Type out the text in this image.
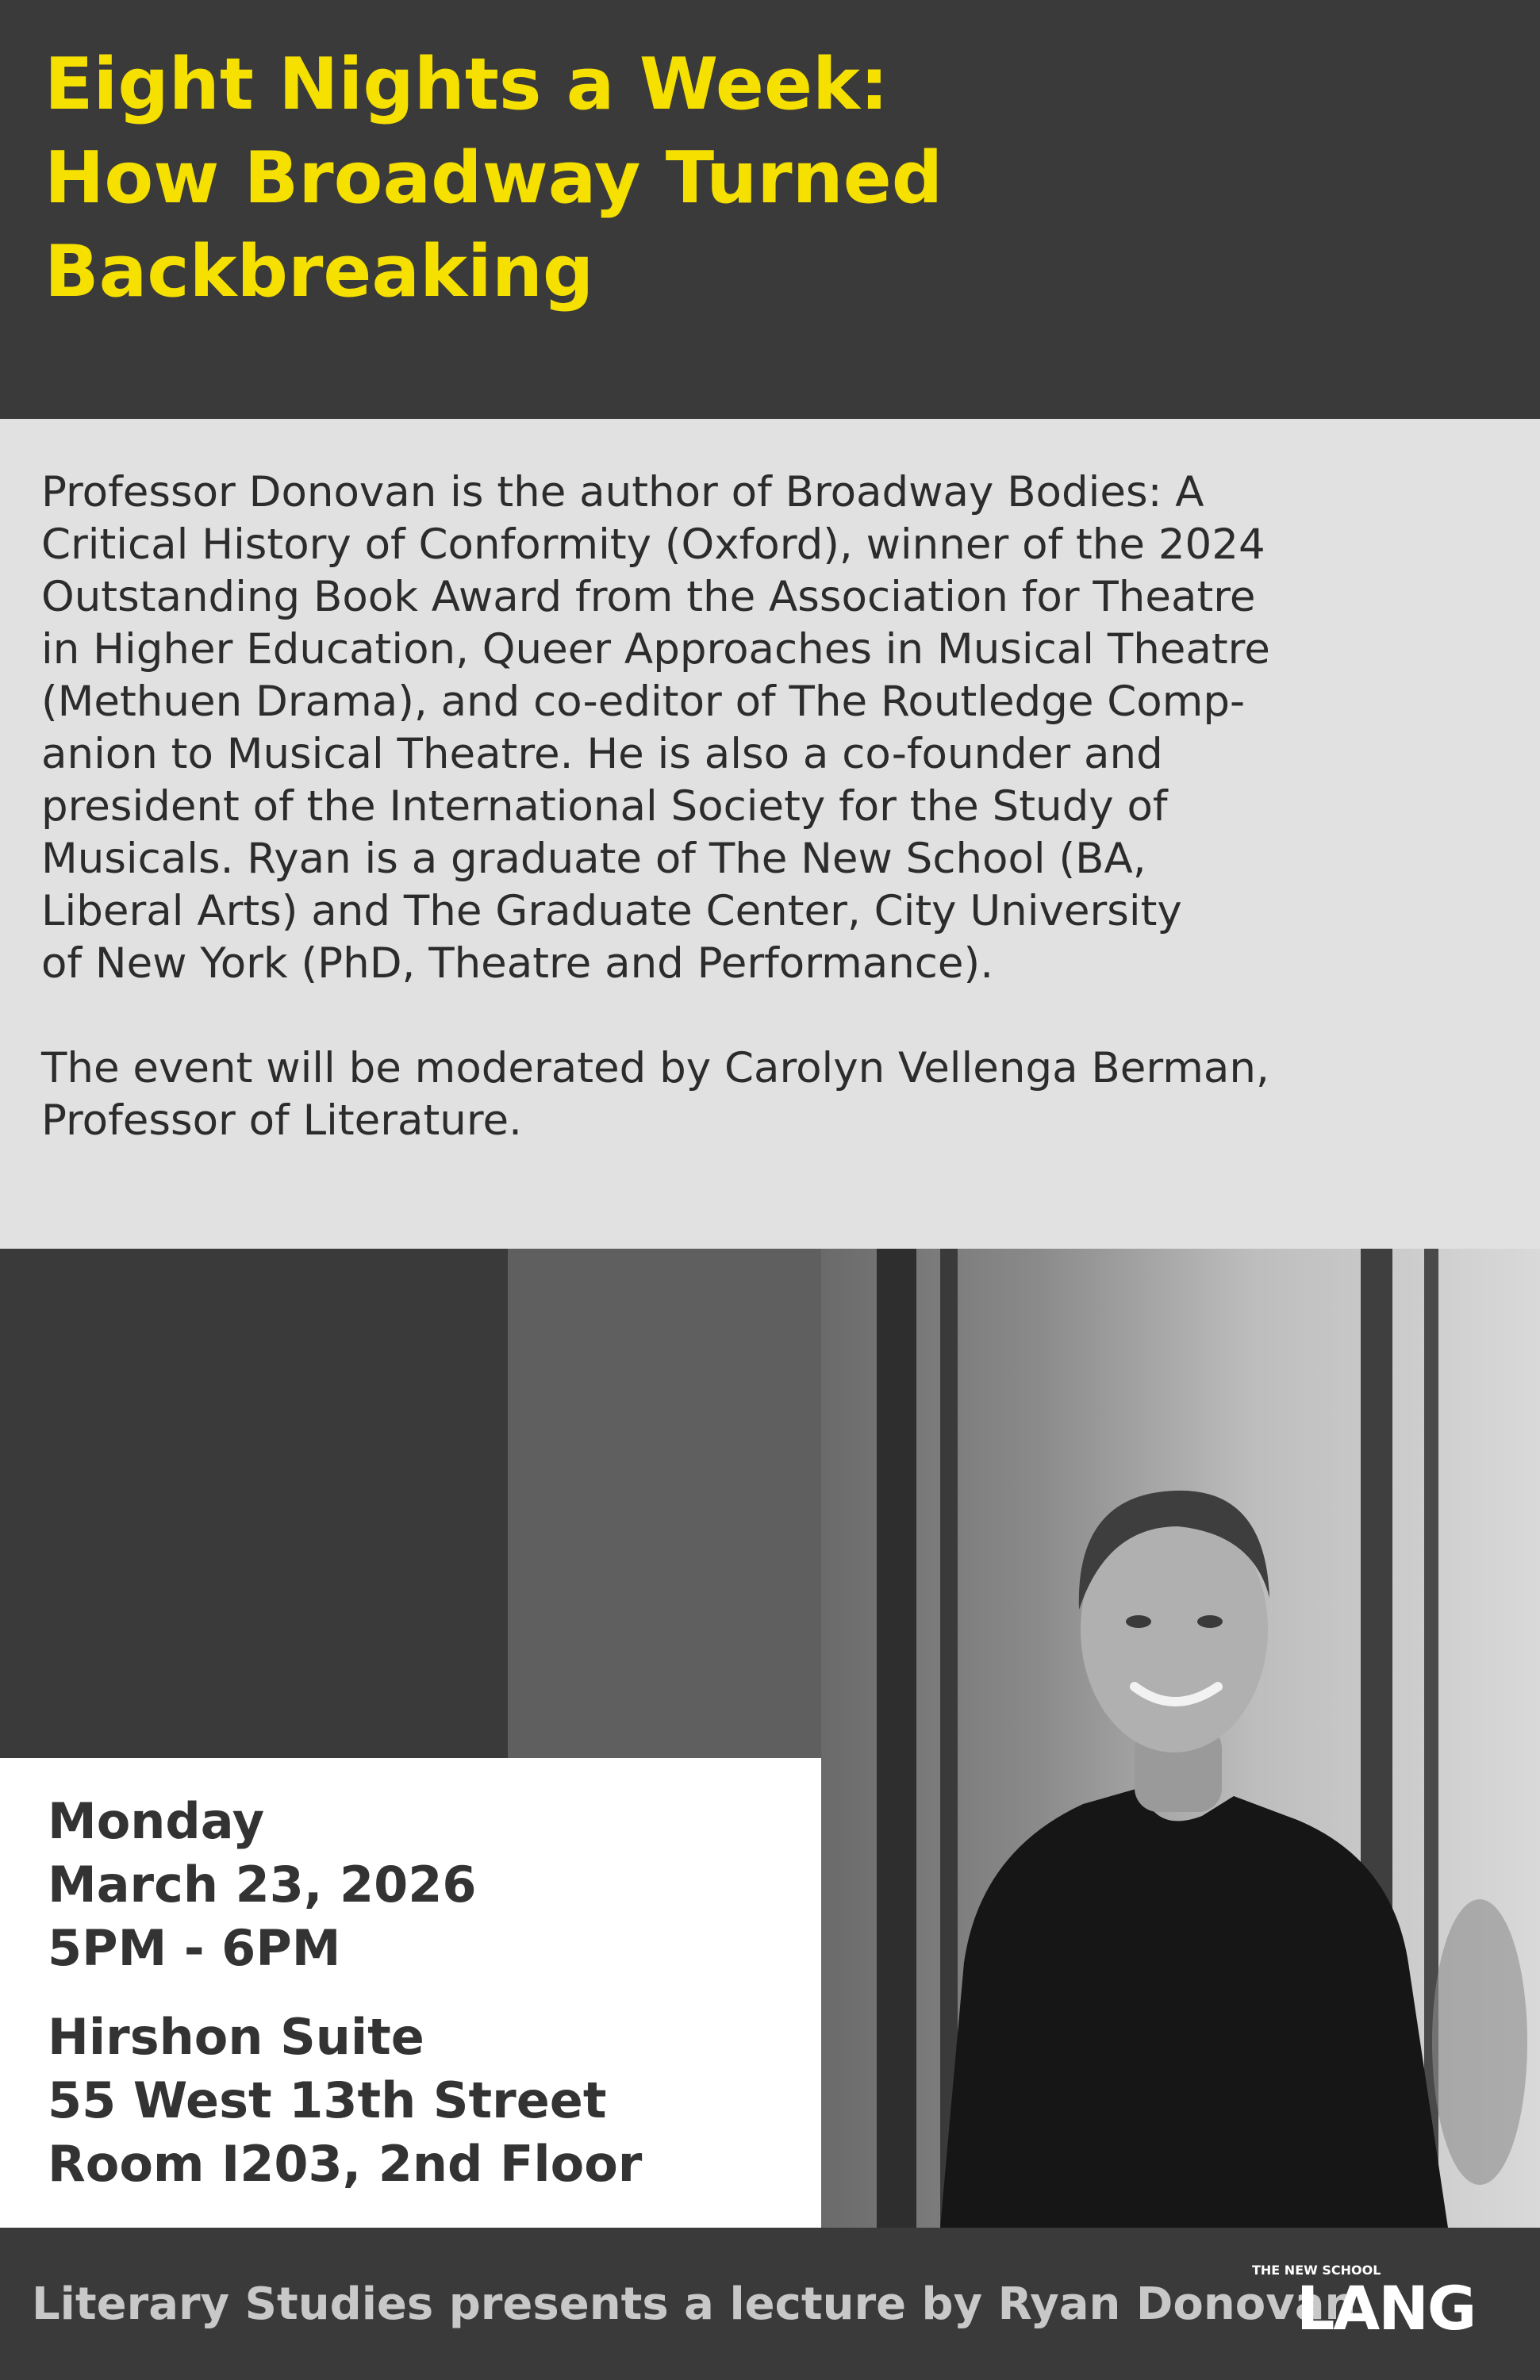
Eight Nights a Week:
How Broadway Turned
Backbreaking
Professor Donovan is the author of Broadway Bodies: A
Critical History of Conformity (Oxford), winner of the 2024
Outstanding Book Award from the Association for Theatre
in Higher Education, Queer Approaches in Musical Theatre
(Methuen Drama), and co-editor of The Routledge Comp-
anion to Musical Theatre. He is also a co-founder and
president of the International Society for the Study of
Musicals. Ryan is a graduate of The New School (BA,
Liberal Arts) and The Graduate Center, City University
of New York (PhD, Theatre and Performance).
The event will be moderated by Carolyn Vellenga Berman,
Professor of Literature.
Monday
March 23, 2026
5PM - 6PM
Hirshon Suite
55 West 13th Street
Room I203, 2nd Floor
Literary Studies presents a lecture by Ryan Donovan
THE NEW SCHOOL
LANG
